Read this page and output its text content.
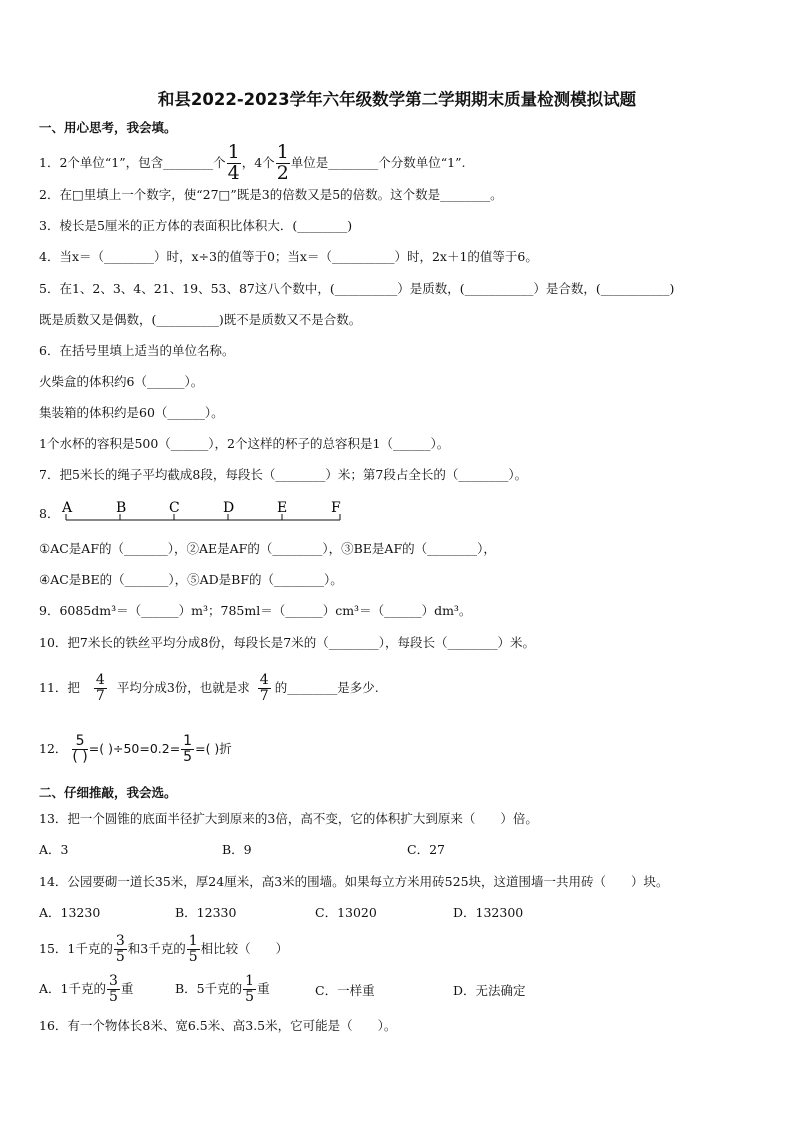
和县2022-2023学年六年级数学第二学期期末质量检测模拟试题
一、用心思考，我会填。
1．2个单位“1”，包含________个 $\frac{1}{4}$ ，4个 $\frac{1}{2}$ 单位是________个分数单位“1”.
2．在□里填上一个数字，使“27□”既是3的倍数又是5的倍数。这个数是________。
3．棱长是5厘米的正方体的表面积比体积大．(________)
4．当x＝（________）时，x÷3的值等于0；当x＝（__________）时，2x＋1的值等于6。
5．在1、2、3、4、21、19、53、87这八个数中，(__________）是质数，(___________）是合数，(___________)
既是质数又是偶数，(__________)既不是质数又不是合数。
6．在括号里填上适当的单位名称。
火柴盒的体积约6（______）。
集装箱的体积约是60（______）。
1个水杯的容积是500（______），2个这样的杯子的总容积是1（______）。
7．把5米长的绳子平均截成8段，每段长（________）米；第7段占全长的（________）。
8． A	B	C	D	E	F
①AC是AF的（_______），②AE是AF的（________），③BE是AF的（________），
④AC是BE的（_______），⑤AD是BF的（________）。
9．6085dm³＝（______）m³；785ml＝（______）cm³＝（______）dm³。
10．把7米长的铁丝平均分成8份，每段长是7米的（________），每段长（________）米。
11．把 $\frac{4}{7}$ 平均分成3份，也就是求 $\frac{4}{7}$ 的________是多少.
12． $\frac{5}{( )}$ =( )$\div 50=0.2= \frac{1}{5}$ =( )折
二、仔细推敲，我会选。
13．把一个圆锥的底面半径扩大到原来的3倍，高不变，它的体积扩大到原来（　　）倍。
A．3	B．9	C．27
14．公园要砌一道长35米，厚24厘米，高3米的围墙。如果每立方米用砖525块，这道围墙一共用砖（　　）块。
A．13230	B．12330	C．13020	D．132300
15．1千克的 $\frac{3}{5}$ 和3千克的 $\frac{1}{5}$ 相比较（　　）
A．1千克的 $\frac{3}{5}$ 重	B．5千克的 $\frac{1}{5}$ 重	C．一样重	D．无法确定
16．有一个物体长8米、宽6.5米、高3.5米，它可能是（　　）。
